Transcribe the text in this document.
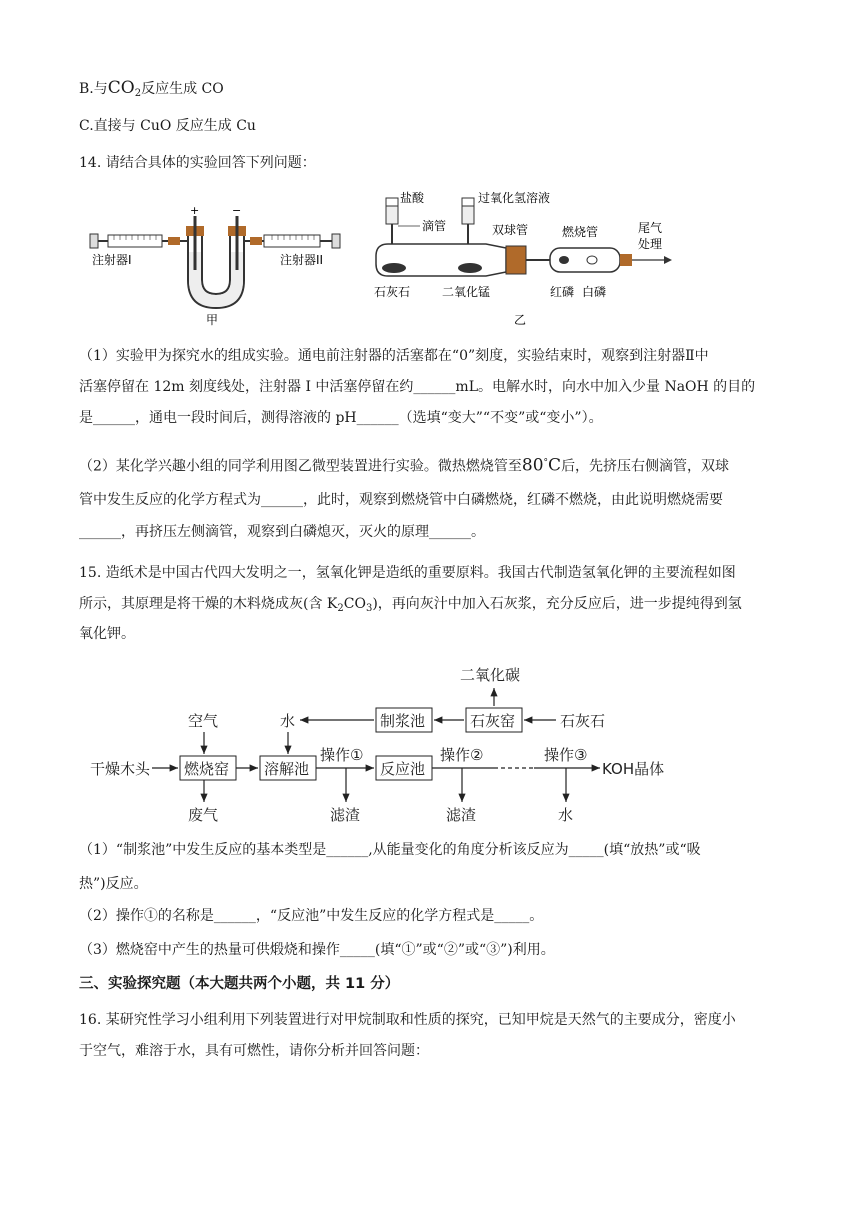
B.与$CO_2$反应生成 CO
C.直接与 CuO 反应生成 Cu
14. 请结合具体的实验回答下列问题：
注射器I
+	−
注射器II
甲
盐酸	过氧化氢溶液
滴管	双球管	燃烧管	尾气
处理
石灰石	二氧化锰	红磷 白磷
乙
（1）实验甲为探究水的组成实验。通电前注射器的活塞都在“0”刻度，实验结束时，观察到注射器Ⅱ中
活塞停留在 12m 刻度线处，注射器 I 中活塞停留在约______mL。电解水时，向水中加入少量 NaOH 的目的
是______，通电一段时间后，测得溶液的 pH______（选填“变大”“不变”或“变小”）。
（2）某化学兴趣小组的同学利用图乙微型装置进行实验。微热燃烧管至80°C后，先挤压右侧滴管，双球
管中发生反应的化学方程式为______，此时，观察到燃烧管中白磷燃烧，红磷不燃烧，由此说明燃烧需要
______，再挤压左侧滴管，观察到白磷熄灭，灭火的原理______。
15. 造纸术是中国古代四大发明之一，氢氧化钾是造纸的重要原料。我国古代制造氢氧化钾的主要流程如图
所示，其原理是将干燥的木料烧成灰(含 $K_2CO_3$)，再向灰汁中加入石灰浆，充分反应后，进一步提纯得到氢
氧化钾。
二氧化碳
制浆池	石灰窑	石灰石
水
空气
干燥木头 燃烧窑 溶解池
操作①
反应池
操作②	操作③
KOH晶体
废气	滤渣	滤渣	水
（1）“制浆池”中发生反应的基本类型是______,从能量变化的角度分析该反应为_____(填“放热”或“吸
热”)反应。
（2）操作①的名称是______，“反应池”中发生反应的化学方程式是_____。
（3）燃烧窑中产生的热量可供煅烧和操作_____(填“①”或“②”或“③”)利用。
三、实验探究题（本大题共两个小题，共 11 分）
16. 某研究性学习小组利用下列装置进行对甲烷制取和性质的探究，已知甲烷是天然气的主要成分，密度小
于空气，难溶于水，具有可燃性，请你分析并回答问题：
